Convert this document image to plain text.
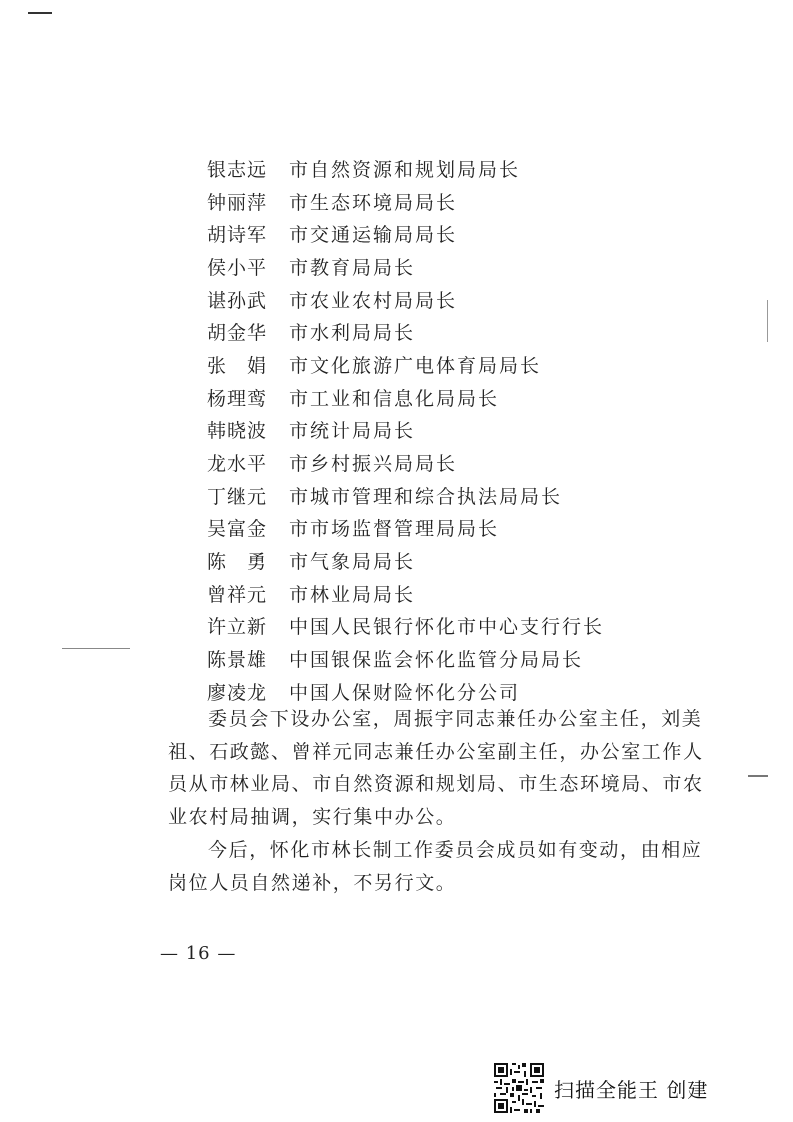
银志远	市自然资源和规划局局长
钟丽萍	市生态环境局局长
胡诗军	市交通运输局局长
侯小平	市教育局局长
谌孙武	市农业农村局局长
胡金华	市水利局局长
张　娟	市文化旅游广电体育局局长
杨理鸾	市工业和信息化局局长
韩晓波	市统计局局长
龙水平	市乡村振兴局局长
丁继元	市城市管理和综合执法局局长
吴富金	市市场监督管理局局长
陈　勇	市气象局局长
曾祥元	市林业局局长
许立新	中国人民银行怀化市中心支行行长
陈景雄	中国银保监会怀化监管分局局长
廖凌龙	中国人保财险怀化分公司

委员会下设办公室，周振宇同志兼任办公室主任，刘美祖、石政懿、曾祥元同志兼任办公室副主任，办公室工作人员从市林业局、市自然资源和规划局、市生态环境局、市农业农村局抽调，实行集中办公。

今后，怀化市林长制工作委员会成员如有变动，由相应岗位人员自然递补，不另行文。

— 16 —
扫描全能王 创建
